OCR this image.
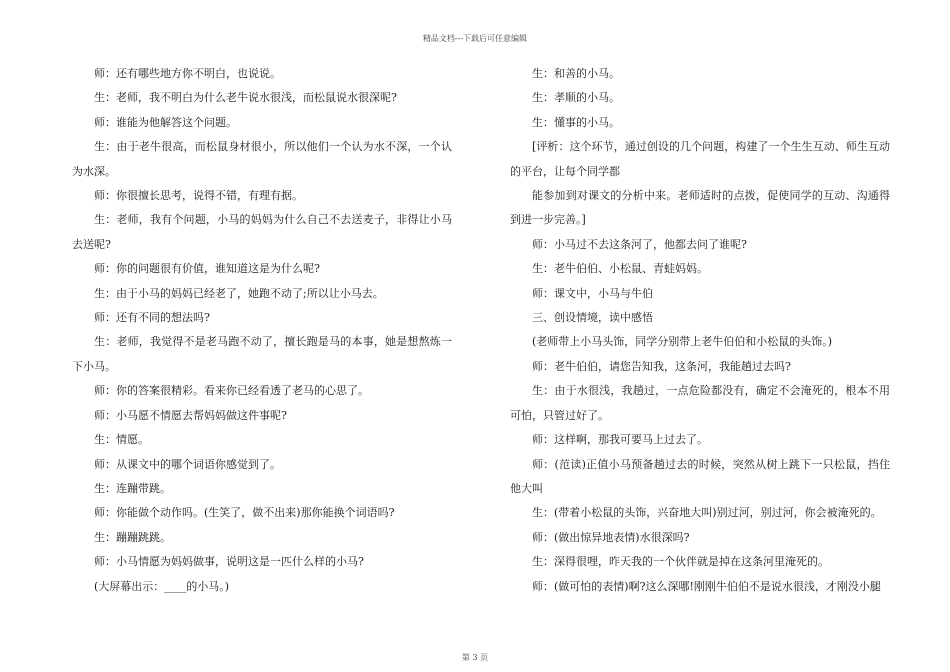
精品文档---下载后可任意编辑

师：还有哪些地方你不明白，也说说。

生：老师，我不明白为什么老牛说水很浅，而松鼠说水很深呢?

师：谁能为他解答这个问题。

生：由于老牛很高，而松鼠身材很小，所以他们一个认为水不深，一个认为水深。

师：你很擅长思考，说得不错，有理有据。

生：老师，我有个问题，小马的妈妈为什么自己不去送麦子，非得让小马去送呢?

师：你的问题很有价值，谁知道这是为什么呢?

生：由于小马的妈妈已经老了，她跑不动了;所以让小马去。

师：还有不同的想法吗?

生：老师，我觉得不是老马跑不动了，擅长跑是马的本事，她是想熬炼一下小马。

师：你的答案很精彩。看来你已经看透了老马的心思了。

师：小马愿不情愿去帮妈妈做这件事呢?

生：情愿。

师：从课文中的哪个词语你感觉到了。

生：连蹦带跳。

师：你能做个动作吗。(生笑了，做不出来)那你能换个词语吗?

生：蹦蹦跳跳。

师：小马情愿为妈妈做事，说明这是一匹什么样的小马?

(大屏幕出示：____的小马。)

生：和善的小马。

生：孝顺的小马。

生：懂事的小马。

[评析：这个环节，通过创设的几个问题，构建了一个生生互动、师生互动的平台，让每个同学都

能参加到对课文的分析中来。老师适时的点拨，促使同学的互动、沟通得到进一步完善。]

师：小马过不去这条河了，他都去问了谁呢?

生：老牛伯伯、小松鼠、青蛙妈妈。

师：课文中，小马与牛伯

三、创设情境，读中感悟

(老师带上小马头饰，同学分别带上老牛伯伯和小松鼠的头饰。)

师：老牛伯伯，请您告知我，这条河，我能趟过去吗?

生：由于水很浅，我趟过，一点危险都没有，确定不会淹死的，根本不用可怕，只管过好了。

师：这样啊，那我可要马上过去了。

师：(范读)正值小马预备趟过去的时候，突然从树上跳下一只松鼠，挡住他大叫

生：(带着小松鼠的头饰，兴奋地大叫)别过河，别过河，你会被淹死的。

师：(做出惊异地表情)水很深吗?

生：深得很哩，昨天我的一个伙伴就是掉在这条河里淹死的。

师：(做可怕的表情)啊?这么深哪!刚刚牛伯伯不是说水很浅，才刚没小腿

第 3 页
